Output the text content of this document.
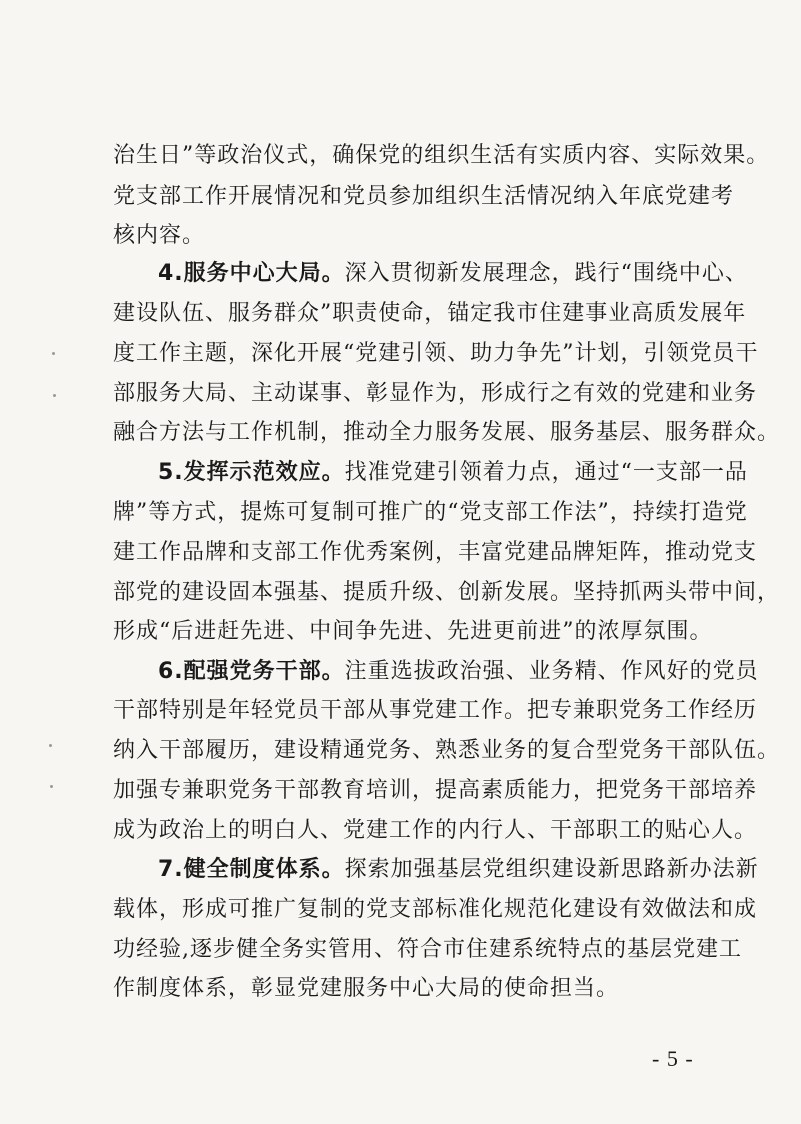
治生日”等政治仪式，确保党的组织生活有实质内容、实际效果。
党支部工作开展情况和党员参加组织生活情况纳入年底党建考
核内容。
4.服务中心大局。深入贯彻新发展理念，践行“围绕中心、
建设队伍、服务群众”职责使命，锚定我市住建事业高质发展年
度工作主题，深化开展“党建引领、助力争先”计划，引领党员干
部服务大局、主动谋事、彰显作为，形成行之有效的党建和业务
融合方法与工作机制，推动全力服务发展、服务基层、服务群众。
5.发挥示范效应。找准党建引领着力点，通过“一支部一品
牌”等方式，提炼可复制可推广的“党支部工作法”，持续打造党
建工作品牌和支部工作优秀案例，丰富党建品牌矩阵，推动党支
部党的建设固本强基、提质升级、创新发展。坚持抓两头带中间，
形成“后进赶先进、中间争先进、先进更前进”的浓厚氛围。
6.配强党务干部。注重选拔政治强、业务精、作风好的党员
干部特别是年轻党员干部从事党建工作。把专兼职党务工作经历
纳入干部履历，建设精通党务、熟悉业务的复合型党务干部队伍。
加强专兼职党务干部教育培训，提高素质能力，把党务干部培养
成为政治上的明白人、党建工作的内行人、干部职工的贴心人。
7.健全制度体系。探索加强基层党组织建设新思路新办法新
载体，形成可推广复制的党支部标准化规范化建设有效做法和成
功经验,逐步健全务实管用、符合市住建系统特点的基层党建工
作制度体系，彰显党建服务中心大局的使命担当。
- 5 -
